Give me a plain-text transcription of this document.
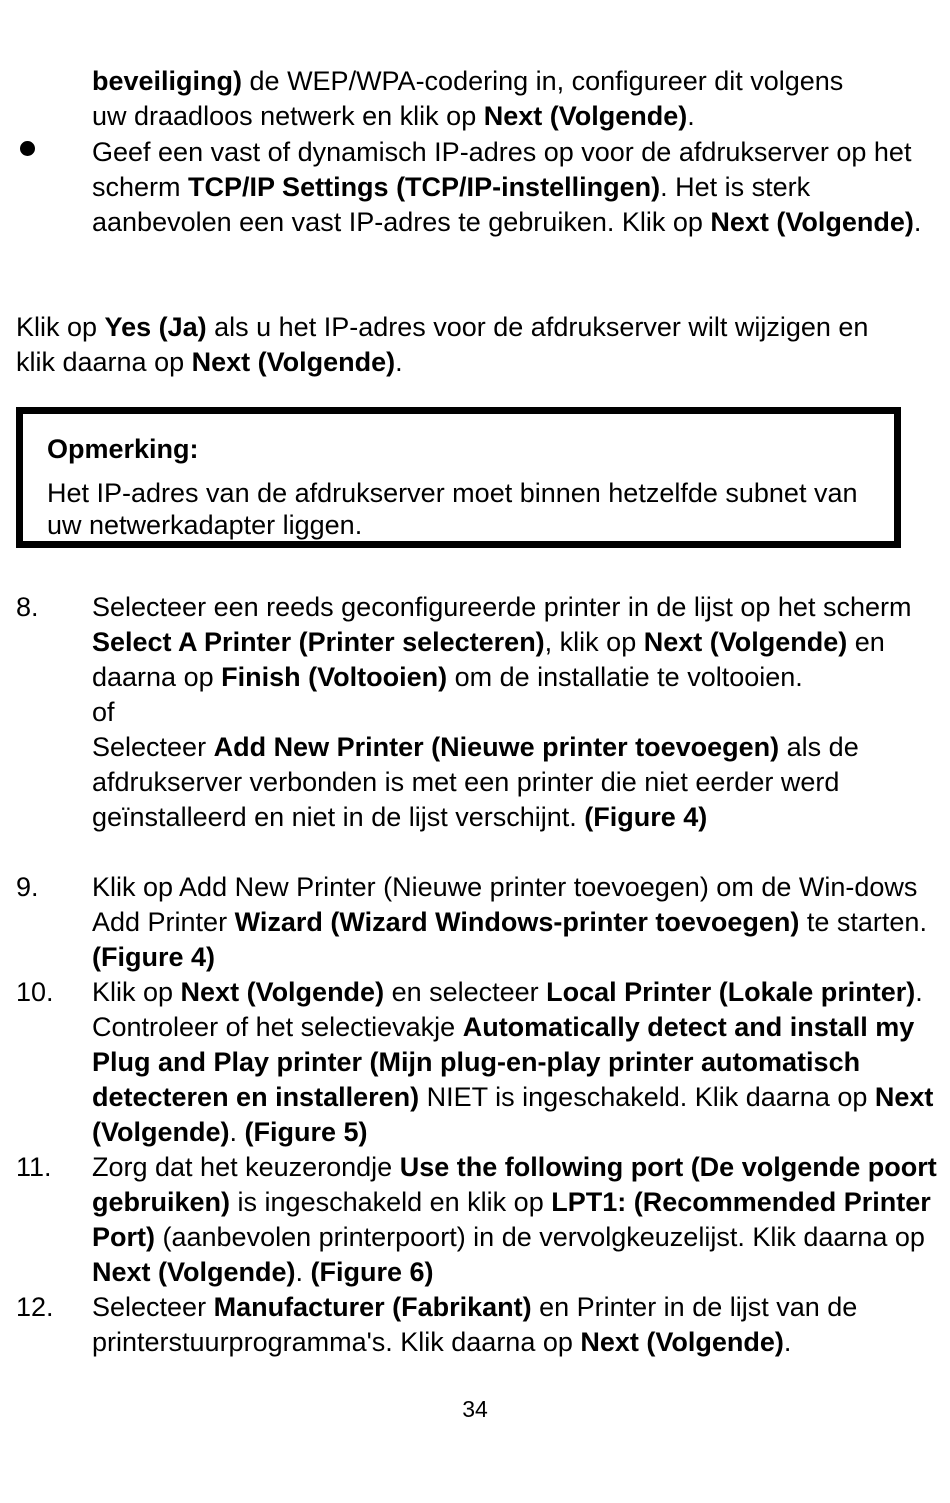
beveiliging) de WEP/WPA-codering in, configureer dit volgens
uw draadloos netwerk en klik op Next (Volgende).
Geef een vast of dynamisch IP-adres op voor de afdrukserver op het scherm TCP/IP Settings (TCP/IP-instellingen). Het is sterk aanbevolen een vast IP-adres te gebruiken. Klik op Next (Volgende).
Klik op Yes (Ja) als u het IP-adres voor de afdrukserver wilt wijzigen en klik daarna op Next (Volgende).
Opmerking:
Het IP-adres van de afdrukserver moet binnen hetzelfde subnet van uw netwerkadapter liggen.
8. Selecteer een reeds geconfigureerde printer in de lijst op het scherm Select A Printer (Printer selecteren), klik op Next (Volgende) en daarna op Finish (Voltooien) om de installatie te voltooien.
of
Selecteer Add New Printer (Nieuwe printer toevoegen) als de afdrukserver verbonden is met een printer die niet eerder werd geïnstalleerd en niet in de lijst verschijnt. (Figure 4)
9. Klik op Add New Printer (Nieuwe printer toevoegen) om de Win-dows Add Printer Wizard (Wizard Windows-printer toevoegen) te starten. (Figure 4)
10. Klik op Next (Volgende) en selecteer Local Printer (Lokale printer). Controleer of het selectievakje Automatically detect and install my Plug and Play printer (Mijn plug-en-play printer automatisch detecteren en installeren) NIET is ingeschakeld. Klik daarna op Next (Volgende). (Figure 5)
11. Zorg dat het keuzerondje Use the following port (De volgende poort gebruiken) is ingeschakeld en klik op LPT1: (Recommended Printer Port) (aanbevolen printerpoort) in de vervolgkeuzelijst. Klik daarna op Next (Volgende). (Figure 6)
12. Selecteer Manufacturer (Fabrikant) en Printer in de lijst van de printerstuurprogramma's. Klik daarna op Next (Volgende).
34
